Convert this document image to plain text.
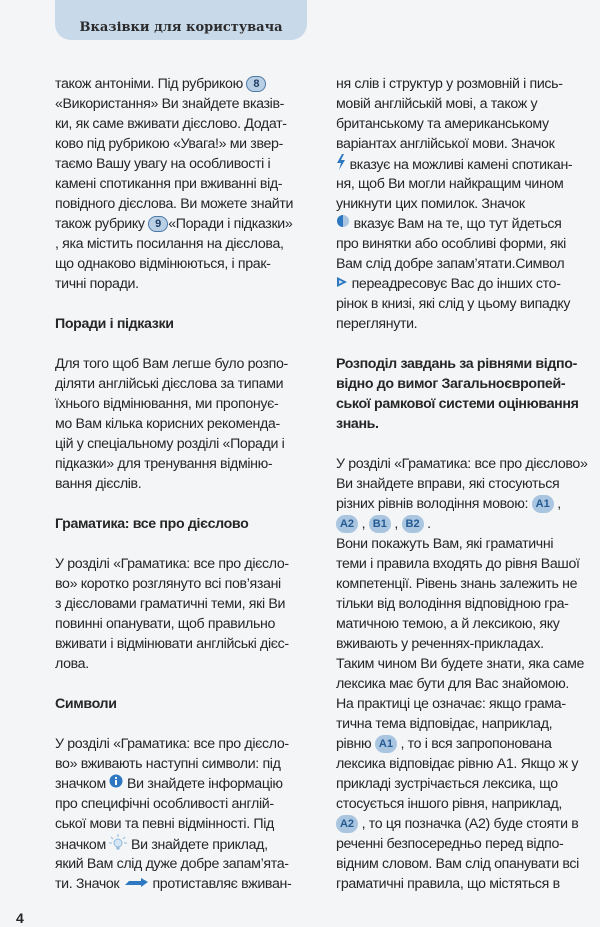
Вказівки для користувача
також антоніми. Під рубрикою 8
«Використання» Ви знайдете вказів-
ки, як саме вживати дієслово. Додат-
ково під рубрикою «Увага!» ми звер-
таємо Вашу увагу на особливості і
камені спотикання при вживанні від-
повідного дієслова. Ви можете знайти
також рубрику 9 «Поради і підказки»
, яка містить посилання на дієслова,
що однаково відмінюються, і прак-
тичні поради.
Поради і підказки
Для того щоб Вам легше було розпо-
діляти англійські дієслова за типами
їхнього відмінювання, ми пропонує-
мо Вам кілька корисних рекоменда-
цій у спеціальному розділі «Поради і
підказки» для тренування відміню-
вання дієслів.
Граматика: все про дієслово
У розділі «Граматика: все про дієсло-
во» коротко розглянуто всі пов’язані
з дієсловами граматичні теми, які Ви
повинні опанувати, щоб правильно
вживати і відмінювати англійські дієс-
лова.
Символи
У розділі «Граматика: все про дієсло-
во» вживають наступні символи: під
значком  Ви знайдете інформацію
про специфічні особливості англій-
ської мови та певні відмінності. Під
значком  Ви знайдете приклад,
який Вам слід дуже добре запам’ята-
ти. Значок  протиставляє вживан-
ня слів і структур у розмовній і пись-
мовій англійській мові, а також у
британському та американському
варіантах англійської мови. Значок
вказує на можливі камені спотикан-
ня, щоб Ви могли найкращим чином
уникнути цих помилок. Значок
вказує Вам на те, що тут йдеться
про винятки або особливі форми, які
Вам слід добре запам’ятати.Символ
переадресовує Вас до інших сто-
рінок в книзі, які слід у цьому випадку
переглянути.
Розподіл завдань за рівнями відпо-
відно до вимог Загальноєвропей-
ської рамкової системи оцінювання
знань.
У розділі «Граматика: все про дієслово»
Ви знайдете вправи, які стосуються
різних рівнів володіння мовою: A1 ,
A2 , B1 , B2 .
Вони покажуть Вам, які граматичні
теми і правила входять до рівня Вашої
компетенції. Рівень знань залежить не
тільки від володіння відповідною гра-
матичною темою, а й лексикою, яку
вживають у реченнях-прикладах.
Таким чином Ви будете знати, яка саме
лексика має бути для Вас знайомою.
На практиці це означає: якщо грама-
тична тема відповідає, наприклад,
рівню A1 , то і вся запропонована
лексика відповідає рівню А1. Якщо ж у
прикладі зустрічається лексика, що
стосується іншого рівня, наприклад,
A2 , то ця позначка (А2) буде стояти в
реченні безпосередньо перед відпо-
відним словом. Вам слід опанувати всі
граматичні правила, що містяться в
4
